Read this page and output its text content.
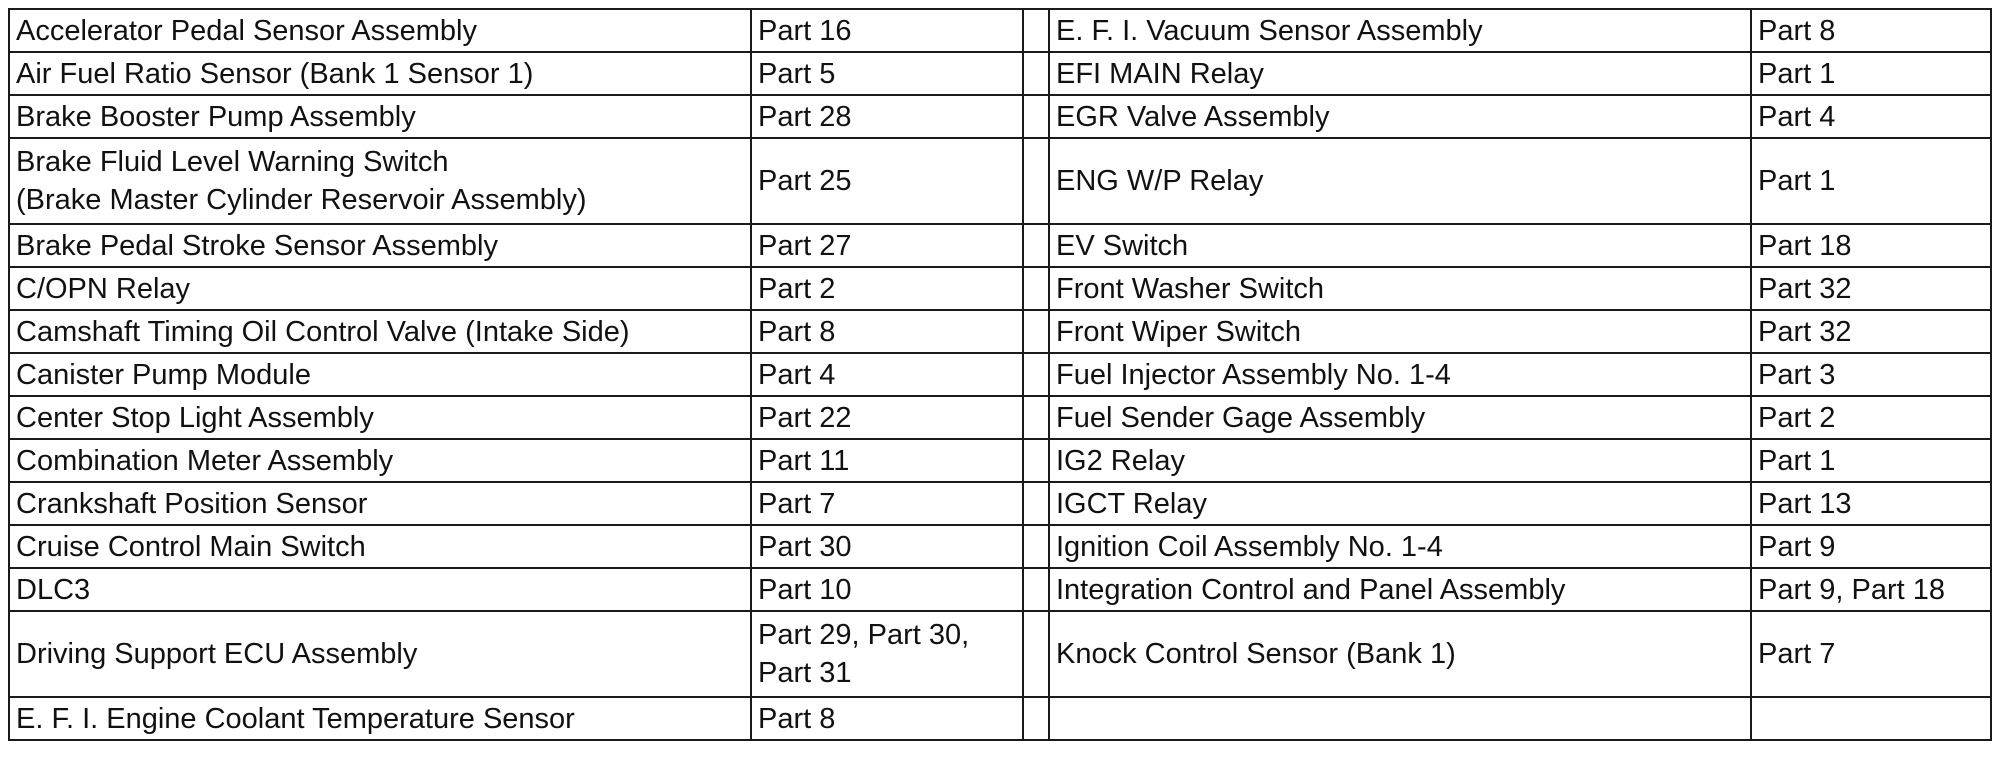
Accelerator Pedal Sensor Assembly	Part 16		E. F. I. Vacuum Sensor Assembly	Part 8
Air Fuel Ratio Sensor (Bank 1 Sensor 1)	Part 5		EFI MAIN Relay	Part 1
Brake Booster Pump Assembly	Part 28		EGR Valve Assembly	Part 4
Brake Fluid Level Warning Switch
(Brake Master Cylinder Reservoir Assembly)	Part 25		ENG W/P Relay	Part 1
Brake Pedal Stroke Sensor Assembly	Part 27		EV Switch	Part 18
C/OPN Relay	Part 2		Front Washer Switch	Part 32
Camshaft Timing Oil Control Valve (Intake Side)	Part 8		Front Wiper Switch	Part 32
Canister Pump Module	Part 4		Fuel Injector Assembly No. 1-4	Part 3
Center Stop Light Assembly	Part 22		Fuel Sender Gage Assembly	Part 2
Combination Meter Assembly	Part 11		IG2 Relay	Part 1
Crankshaft Position Sensor	Part 7		IGCT Relay	Part 13
Cruise Control Main Switch	Part 30		Ignition Coil Assembly No. 1-4	Part 9
DLC3	Part 10		Integration Control and Panel Assembly	Part 9, Part 18
Driving Support ECU Assembly	Part 29, Part 30,
Part 31		Knock Control Sensor (Bank 1)	Part 7
E. F. I. Engine Coolant Temperature Sensor	Part 8			
